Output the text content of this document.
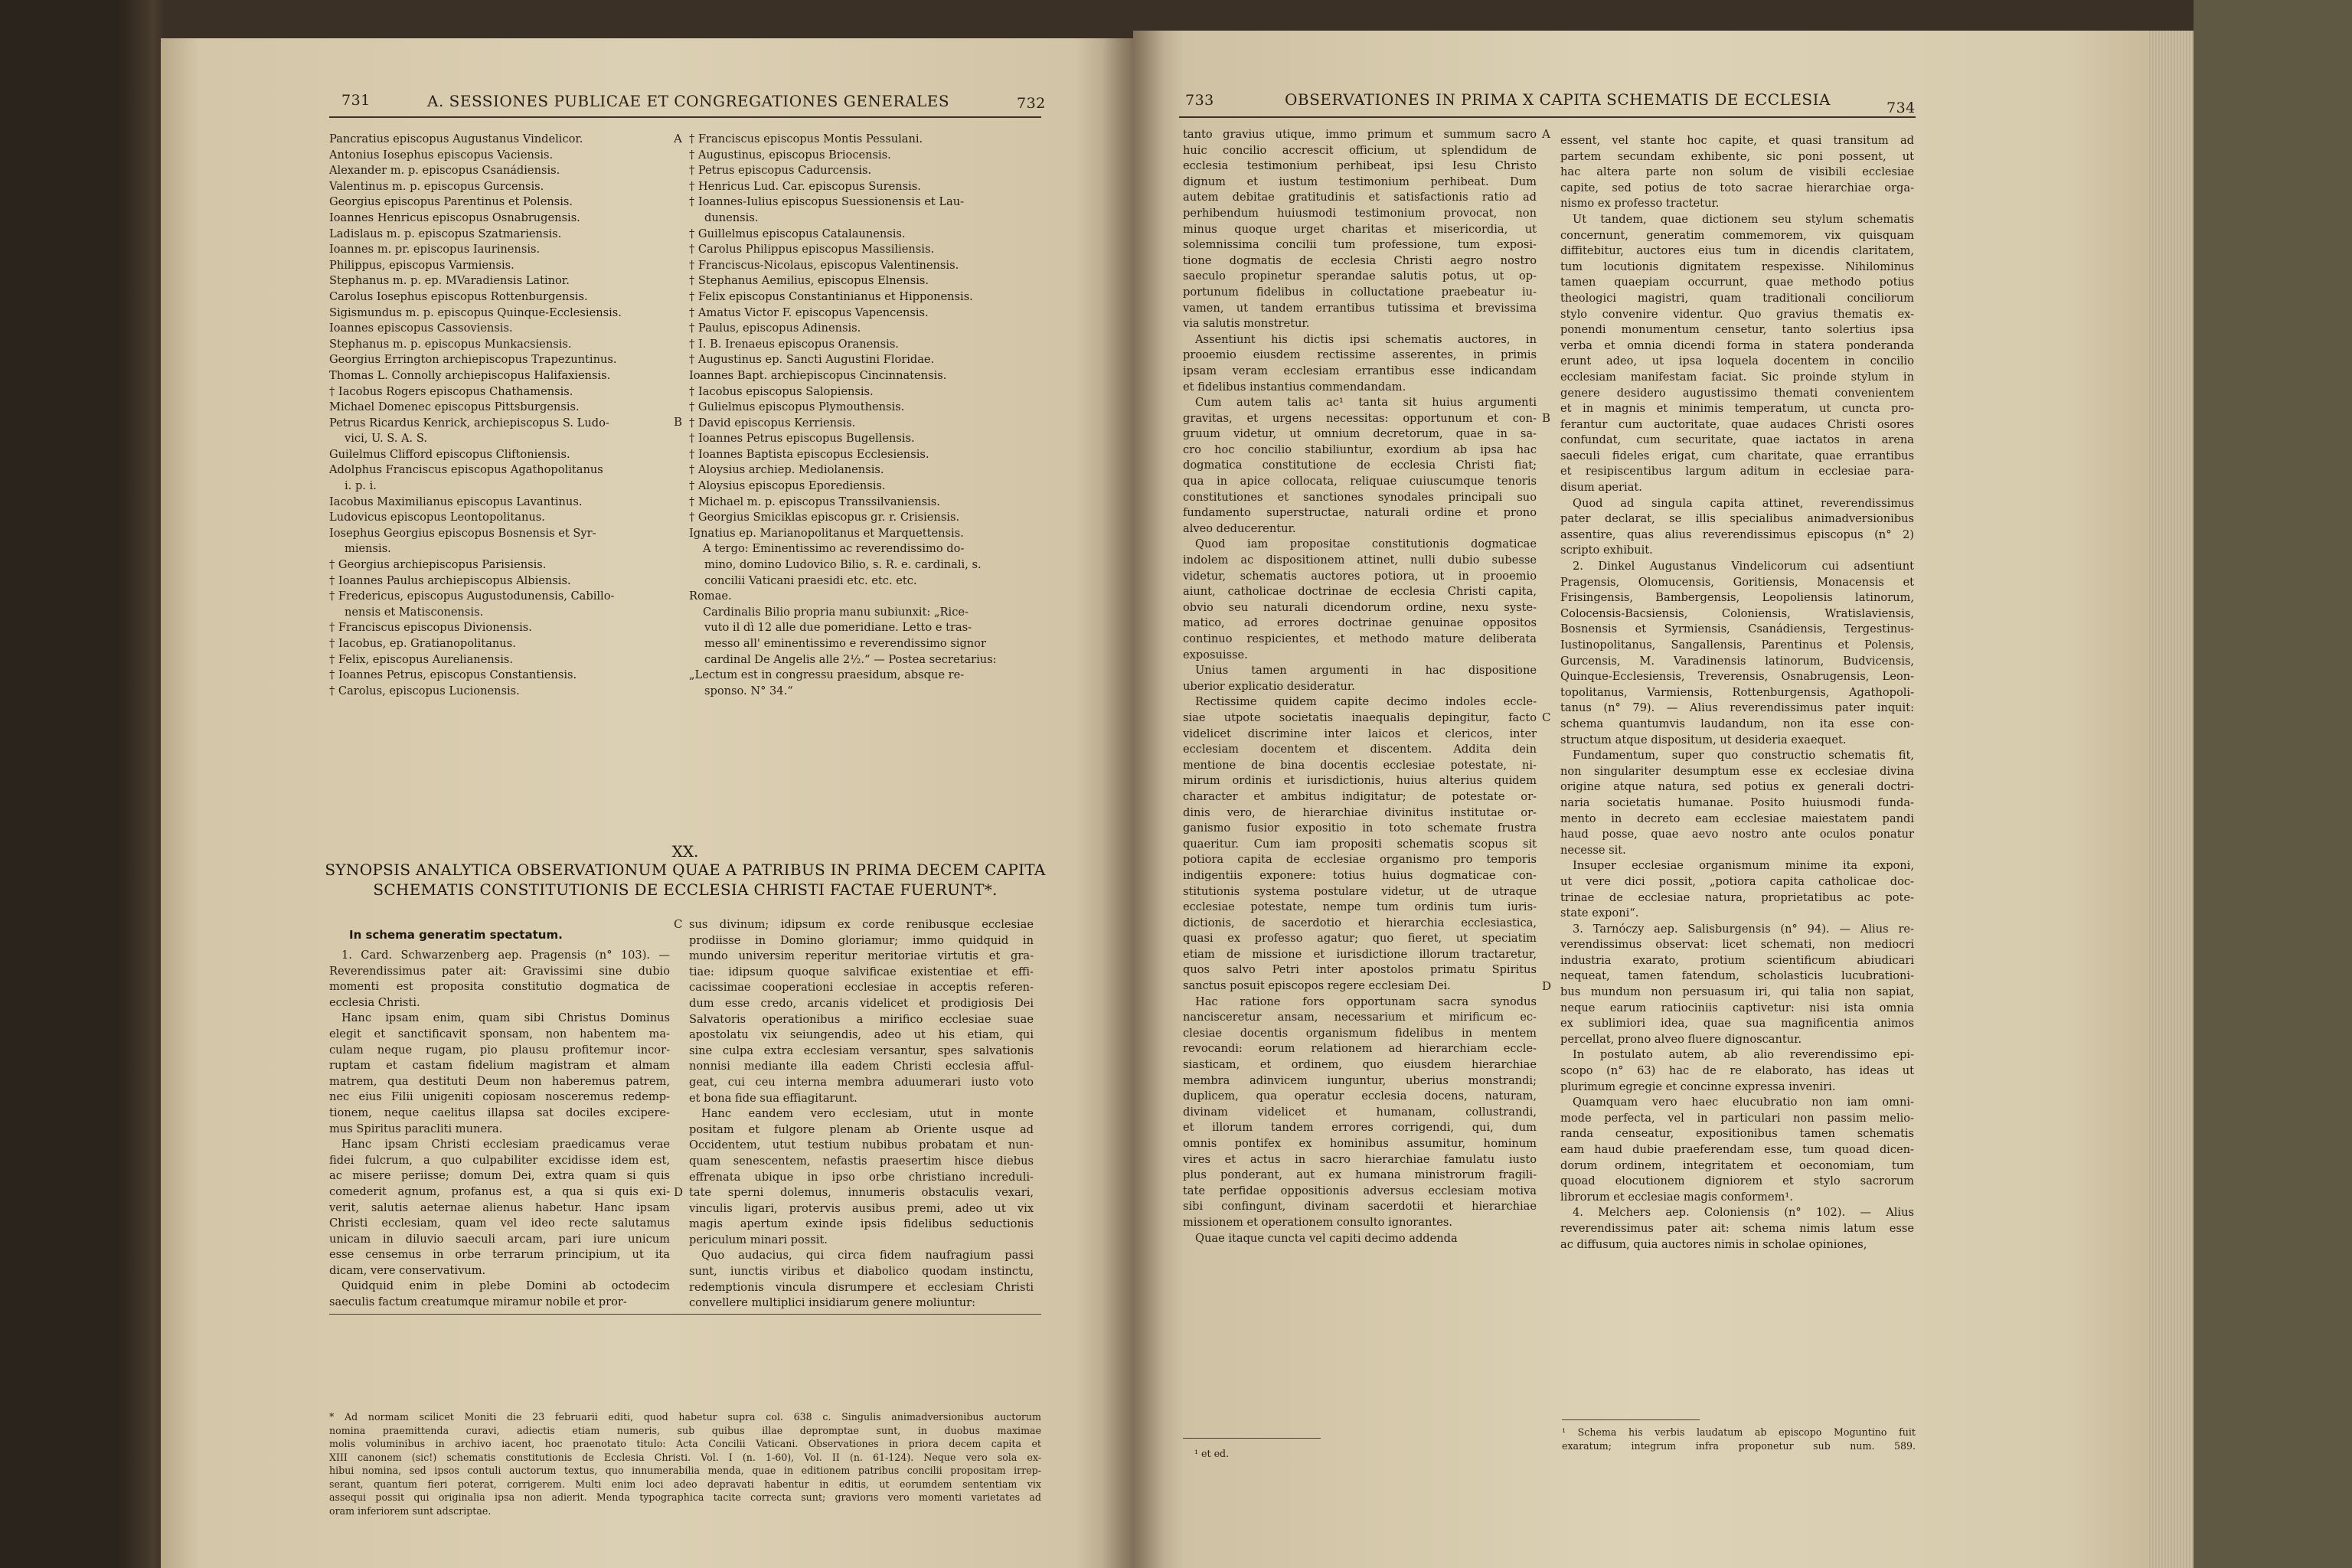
731	A. SESSIONES PUBLICAE ET CONGREGATIONES GENERALES	732
Pancratius episcopus Augustanus Vindelicor.
Antonius Iosephus episcopus Vaciensis.
Alexander m. p. episcopus Csanádiensis.
Valentinus m. p. episcopus Gurcensis.
Georgius episcopus Parentinus et Polensis.
Ioannes Henricus episcopus Osnabrugensis.
Ladislaus m. p. episcopus Szatmariensis.
Ioannes m. pr. episcopus Iaurinensis.
Philippus, episcopus Varmiensis.
Stephanus m. p. ep. MVaradiensis Latinor.
Carolus Iosephus episcopus Rottenburgensis.
Sigismundus m. p. episcopus Quinque-Ecclesiensis.
Ioannes episcopus Cassoviensis.
Stephanus m. p. episcopus Munkacsiensis.
Georgius Errington archiepiscopus Trapezuntinus.
Thomas L. Connolly archiepiscopus Halifaxiensis.
† Iacobus Rogers episcopus Chathamensis.
Michael Domenec episcopus Pittsburgensis.
Petrus Ricardus Kenrick, archiepiscopus S. Ludo-
vici, U. S. A. S.
Guilelmus Clifford episcopus Cliftoniensis.
Adolphus Franciscus episcopus Agathopolitanus
i. p. i.
Iacobus Maximilianus episcopus Lavantinus.
Ludovicus episcopus Leontopolitanus.
Iosephus Georgius episcopus Bosnensis et Syr-
miensis.
† Georgius archiepiscopus Parisiensis.
† Ioannes Paulus archiepiscopus Albiensis.
† Fredericus, episcopus Augustodunensis, Cabillo-
nensis et Matisconensis.
† Franciscus episcopus Divionensis.
† Iacobus, ep. Gratianopolitanus.
† Felix, episcopus Aurelianensis.
† Ioannes Petrus, episcopus Constantiensis.
† Carolus, episcopus Lucionensis.
† Franciscus episcopus Montis Pessulani.
† Augustinus, episcopus Briocensis.
† Petrus episcopus Cadurcensis.
† Henricus Lud. Car. episcopus Surensis.
† Ioannes-Iulius episcopus Suessionensis et Lau-
dunensis.
† Guillelmus episcopus Catalaunensis.
† Carolus Philippus episcopus Massiliensis.
† Franciscus-Nicolaus, episcopus Valentinensis.
† Stephanus Aemilius, episcopus Elnensis.
† Felix episcopus Constantinianus et Hipponensis.
† Amatus Victor F. episcopus Vapencensis.
† Paulus, episcopus Adinensis.
† I. B. Irenaeus episcopus Oranensis.
† Augustinus ep. Sancti Augustini Floridae.
Ioannes Bapt. archiepiscopus Cincinnatensis.
† Iacobus episcopus Salopiensis.
† Gulielmus episcopus Plymouthensis.
† David episcopus Kerriensis.
† Ioannes Petrus episcopus Bugellensis.
† Ioannes Baptista episcopus Ecclesiensis.
† Aloysius archiep. Mediolanensis.
† Aloysius episcopus Eporediensis.
† Michael m. p. episcopus Transsilvaniensis.
† Georgius Smiciklas episcopus gr. r. Crisiensis.
Ignatius ep. Marianopolitanus et Marquettensis.
A tergo: Eminentissimo ac reverendissimo do-
mino, domino Ludovico Bilio, s. R. e. cardinali, s.
concilii Vaticani praesidi etc. etc. etc.
Romae.
Cardinalis Bilio propria manu subiunxit: „Rice-
vuto il dì 12 alle due pomeridiane. Letto e tras-
messo all' eminentissimo e reverendissimo signor
cardinal De Angelis alle 2½.“ — Postea secretarius:
„Lectum est in congressu praesidum, absque re-
sponso. N° 34.“
A
B
XX.
SYNOPSIS ANALYTICA OBSERVATIONUM QUAE A PATRIBUS IN PRIMA DECEM CAPITA
SCHEMATIS CONSTITUTIONIS DE ECCLESIA CHRISTI FACTAE FUERUNT*.
In schema generatim spectatum.
1. Card. Schwarzenberg aep. Pragensis (n° 103). —
Reverendissimus pater ait: Gravissimi sine dubio
momenti est proposita constitutio dogmatica de
ecclesia Christi.
Hanc ipsam enim, quam sibi Christus Dominus
elegit et sanctificavit sponsam, non habentem ma-
culam neque rugam, pio plausu profitemur incor-
ruptam et castam fidelium magistram et almam
matrem, qua destituti Deum non haberemus patrem,
nec eius Filii unigeniti copiosam nosceremus redemp-
tionem, neque caelitus illapsa sat dociles excipere-
mus Spiritus paracliti munera.
Hanc ipsam Christi ecclesiam praedicamus verae
fidei fulcrum, a quo culpabiliter excidisse idem est,
ac misere periisse; domum Dei, extra quam si quis
comederit agnum, profanus est, a qua si quis exi-
verit, salutis aeternae alienus habetur. Hanc ipsam
Christi ecclesiam, quam vel ideo recte salutamus
unicam in diluvio saeculi arcam, pari iure unicum
esse censemus in orbe terrarum principium, ut ita
dicam, vere conservativum.
Quidquid enim in plebe Domini ab octodecim
saeculis factum creatumque miramur nobile et pror-
sus divinum; idipsum ex corde renibusque ecclesiae
prodiisse in Domino gloriamur; immo quidquid in
mundo universim reperitur meritoriae virtutis et gra-
tiae: idipsum quoque salvificae existentiae et effi-
cacissimae cooperationi ecclesiae in acceptis referen-
dum esse credo, arcanis videlicet et prodigiosis Dei
Salvatoris operationibus a mirifico ecclesiae suae
apostolatu vix seiungendis, adeo ut his etiam, qui
sine culpa extra ecclesiam versantur, spes salvationis
nonnisi mediante illa eadem Christi ecclesia afful-
geat, cui ceu interna membra aduumerari iusto voto
et bona fide sua effiagitarunt.
Hanc eandem vero ecclesiam, utut in monte
positam et fulgore plenam ab Oriente usque ad
Occidentem, utut testium nubibus probatam et nun-
quam senescentem, nefastis praesertim hisce diebus
effrenata ubique in ipso orbe christiano increduli-
tate sperni dolemus, innumeris obstaculis vexari,
vinculis ligari, protervis ausibus premi, adeo ut vix
magis apertum exinde ipsis fidelibus seductionis
periculum minari possit.
Quo audacius, qui circa fidem naufragium passi
sunt, iunctis viribus et diabolico quodam instinctu,
redemptionis vincula disrumpere et ecclesiam Christi
convellere multiplici insidiarum genere moliuntur:
C
D
* Ad normam scilicet Moniti die 23 februarii editi, quod habetur supra col. 638 c. Singulis animadversionibus auctorum
nomina praemittenda curavi, adiectis etiam numeris, sub quibus illae depromptae sunt, in duobus maximae
molis voluminibus in archivo iacent, hoc praenotato titulo: Acta Concilii Vaticani. Observationes in priora decem capita et
XIII canonem (sic!) schematis constitutionis de Ecclesia Christi. Vol. I (n. 1-60), Vol. II (n. 61-124). Neque vero sola ex-
hibui nomina, sed ipsos contuli auctorum textus, quo innumerabilia menda, quae in editionem patribus concilii propositam irrep-
serant, quantum fieri poterat, corrigerem. Multi enim loci adeo depravati habentur in editis, ut eorumdem sententiam vix
assequi possit qui originalia ipsa non adierit. Menda typographica tacite correcta sunt; graviorıs vero momenti varietates ad
oram inferiorem sunt adscriptae.
733	OBSERVATIONES IN PRIMA X CAPITA SCHEMATIS DE ECCLESIA	734
tanto gravius utique, immo primum et summum sacro
huic concilio accrescit officium, ut splendidum de
ecclesia testimonium perhibeat, ipsi Iesu Christo
dignum et iustum testimonium perhibeat. Dum
autem debitae gratitudinis et satisfactionis ratio ad
perhibendum huiusmodi testimonium provocat, non
minus quoque urget charitas et misericordia, ut
solemnissima concilii tum professione, tum exposi-
tione dogmatis de ecclesia Christi aegro nostro
saeculo propinetur sperandae salutis potus, ut op-
portunum fidelibus in colluctatione praebeatur iu-
vamen, ut tandem errantibus tutissima et brevissima
via salutis monstretur.
Assentiunt his dictis ipsi schematis auctores, in
prooemio eiusdem rectissime asserentes, in primis
ipsam veram ecclesiam errantibus esse indicandam
et fidelibus instantius commendandam.
Cum autem talis ac¹ tanta sit huius argumenti
gravitas, et urgens necessitas: opportunum et con-
gruum videtur, ut omnium decretorum, quae in sa-
cro hoc concilio stabiliuntur, exordium ab ipsa hac
dogmatica constitutione de ecclesia Christi fiat;
qua in apice collocata, reliquae cuiuscumque tenoris
constitutiones et sanctiones synodales principali suo
fundamento superstructae, naturali ordine et prono
alveo deducerentur.
Quod iam propositae constitutionis dogmaticae
indolem ac dispositionem attinet, nulli dubio subesse
videtur, schematis auctores potiora, ut in prooemio
aiunt, catholicae doctrinae de ecclesia Christi capita,
obvio seu naturali dicendorum ordine, nexu syste-
matico, ad errores doctrinae genuinae oppositos
continuo respicientes, et methodo mature deliberata
exposuisse.
Unius tamen argumenti in hac dispositione
uberior explicatio desideratur.
Rectissime quidem capite decimo indoles eccle-
siae utpote societatis inaequalis depingitur, facto
videlicet discrimine inter laicos et clericos, inter
ecclesiam docentem et discentem. Addita dein
mentione de bina docentis ecclesiae potestate, ni-
mirum ordinis et iurisdictionis, huius alterius quidem
character et ambitus indigitatur; de potestate or-
dinis vero, de hierarchiae divinitus institutae or-
ganismo fusior expositio in toto schemate frustra
quaeritur. Cum iam propositi schematis scopus sit
potiora capita de ecclesiae organismo pro temporis
indigentiis exponere: totius huius dogmaticae con-
stitutionis systema postulare videtur, ut de utraque
ecclesiae potestate, nempe tum ordinis tum iuris-
dictionis, de sacerdotio et hierarchia ecclesiastica,
quasi ex professo agatur; quo fieret, ut speciatim
etiam de missione et iurisdictione illorum tractaretur,
quos salvo Petri inter apostolos primatu Spiritus
sanctus posuit episcopos regere ecclesiam Dei.
Hac ratione fors opportunam sacra synodus
nancisceretur ansam, necessarium et mirificum ec-
clesiae docentis organismum fidelibus in mentem
revocandi: eorum relationem ad hierarchiam eccle-
siasticam, et ordinem, quo eiusdem hierarchiae
membra adinvicem iunguntur, uberius monstrandi;
duplicem, qua operatur ecclesia docens, naturam,
divinam videlicet et humanam, collustrandi,
et illorum tandem errores corrigendi, qui, dum
omnis pontifex ex hominibus assumitur, hominum
vires et actus in sacro hierarchiae famulatu iusto
plus ponderant, aut ex humana ministrorum fragili-
tate perfidae oppositionis adversus ecclesiam motiva
sibi confingunt, divinam sacerdotii et hierarchiae
missionem et operationem consulto ignorantes.
Quae itaque cuncta vel capiti decimo addenda
essent, vel stante hoc capite, et quasi transitum ad
partem secundam exhibente, sic poni possent, ut
hac altera parte non solum de visibili ecclesiae
capite, sed potius de toto sacrae hierarchiae orga-
nismo ex professo tractetur.
Ut tandem, quae dictionem seu stylum schematis
concernunt, generatim commemorem, vix quisquam
diffitebitur, auctores eius tum in dicendis claritatem,
tum locutionis dignitatem respexisse. Nihilominus
tamen quaepiam occurrunt, quae methodo potius
theologici magistri, quam traditionali conciliorum
stylo convenire videntur. Quo gravius thematis ex-
ponendi monumentum censetur, tanto solertius ipsa
verba et omnia dicendi forma in statera ponderanda
erunt adeo, ut ipsa loquela docentem in concilio
ecclesiam manifestam faciat. Sic proinde stylum in
genere desidero augustissimo themati convenientem
et in magnis et minimis temperatum, ut cuncta pro-
ferantur cum auctoritate, quae audaces Christi osores
confundat, cum securitate, quae iactatos in arena
saeculi fideles erigat, cum charitate, quae errantibus
et resipiscentibus largum aditum in ecclesiae para-
disum aperiat.
Quod ad singula capita attinet, reverendissimus
pater declarat, se illis specialibus animadversionibus
assentire, quas alius reverendissimus episcopus (n° 2)
scripto exhibuit.
2. Dinkel Augustanus Vindelicorum cui adsentiunt
Pragensis, Olomucensis, Goritiensis, Monacensis et
Frisingensis, Bambergensis, Leopoliensis latinorum,
Colocensis-Bacsiensis, Coloniensis, Wratislaviensis,
Bosnensis et Syrmiensis, Csanádiensis, Tergestinus-
Iustinopolitanus, Sangallensis, Parentinus et Polensis,
Gurcensis, M. Varadinensis latinorum, Budvicensis,
Quinque-Ecclesiensis, Treverensis, Osnabrugensis, Leon-
topolitanus, Varmiensis, Rottenburgensis, Agathopoli-
tanus (n° 79). — Alius reverendissimus pater inquit:
schema quantumvis laudandum, non ita esse con-
structum atque dispositum, ut desideria exaequet.
Fundamentum, super quo constructio schematis fit,
non singulariter desumptum esse ex ecclesiae divina
origine atque natura, sed potius ex generali doctri-
naria societatis humanae. Posito huiusmodi funda-
mento in decreto eam ecclesiae maiestatem pandi
haud posse, quae aevo nostro ante oculos ponatur
necesse sit.
Insuper ecclesiae organismum minime ita exponi,
ut vere dici possit, „potiora capita catholicae doc-
trinae de ecclesiae natura, proprietatibus ac pote-
state exponi“.
3. Tarnóczy aep. Salisburgensis (n° 94). — Alius re-
verendissimus observat: licet schemati, non mediocri
industria exarato, protium scientificum abiudicari
nequeat, tamen fatendum, scholasticis lucubrationi-
bus mundum non persuasum iri, qui talia non sapiat,
neque earum ratiociniis captivetur: nisi ista omnia
ex sublimiori idea, quae sua magnificentia animos
percellat, prono alveo fluere dignoscantur.
In postulato autem, ab alio reverendissimo epi-
scopo (n° 63) hac de re elaborato, has ideas ut
plurimum egregie et concinne expressa inveniri.
Quamquam vero haec elucubratio non iam omni-
mode perfecta, vel in particulari non passim melio-
randa censeatur, expositionibus tamen schematis
eam haud dubie praeferendam esse, tum quoad dicen-
dorum ordinem, integritatem et oeconomiam, tum
quoad elocutionem digniorem et stylo sacrorum
librorum et ecclesiae magis conformem¹.
4. Melchers aep. Coloniensis (n° 102). — Alius
reverendissimus pater ait: schema nimis latum esse
ac diffusum, quia auctores nimis in scholae opiniones,
A
B
C
D
¹ et ed.
¹ Schema his verbis laudatum ab episcopo Moguntino fuit
exaratum; integrum infra proponetur sub num. 589.
